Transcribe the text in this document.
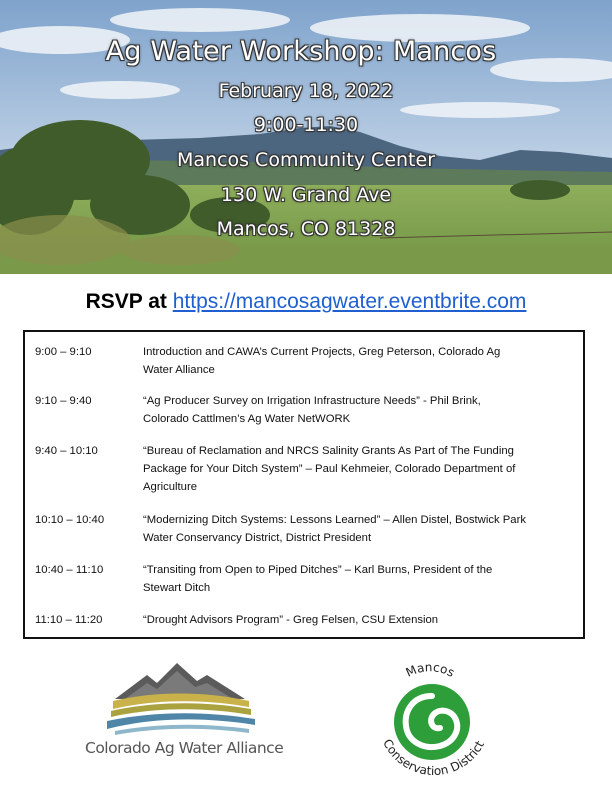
Ag Water Workshop: Mancos
February 18, 2022
9:00-11:30
Mancos Community Center
130 W. Grand Ave
Mancos, CO 81328
RSVP at https://mancosagwater.eventbrite.com
9:00 – 9:10	Introduction and CAWA’s Current Projects, Greg Peterson, Colorado Ag
Water Alliance
9:10 – 9:40	“Ag Producer Survey on Irrigation Infrastructure Needs” - Phil Brink,
Colorado Cattlmen’s Ag Water NetWORK
9:40 – 10:10	“Bureau of Reclamation and NRCS Salinity Grants As Part of The Funding
Package for Your Ditch System” – Paul Kehmeier, Colorado Department of
Agriculture
10:10 – 10:40	“Modernizing Ditch Systems: Lessons Learned” – Allen Distel, Bostwick Park
Water Conservancy District, District President
10:40 – 11:10	“Transiting from Open to Piped Ditches” – Karl Burns, President of the
Stewart Ditch
11:10 – 11:20	“Drought Advisors Program” - Greg Felsen, CSU Extension
Colorado Ag Water Alliance
Mancos
Conservation District
